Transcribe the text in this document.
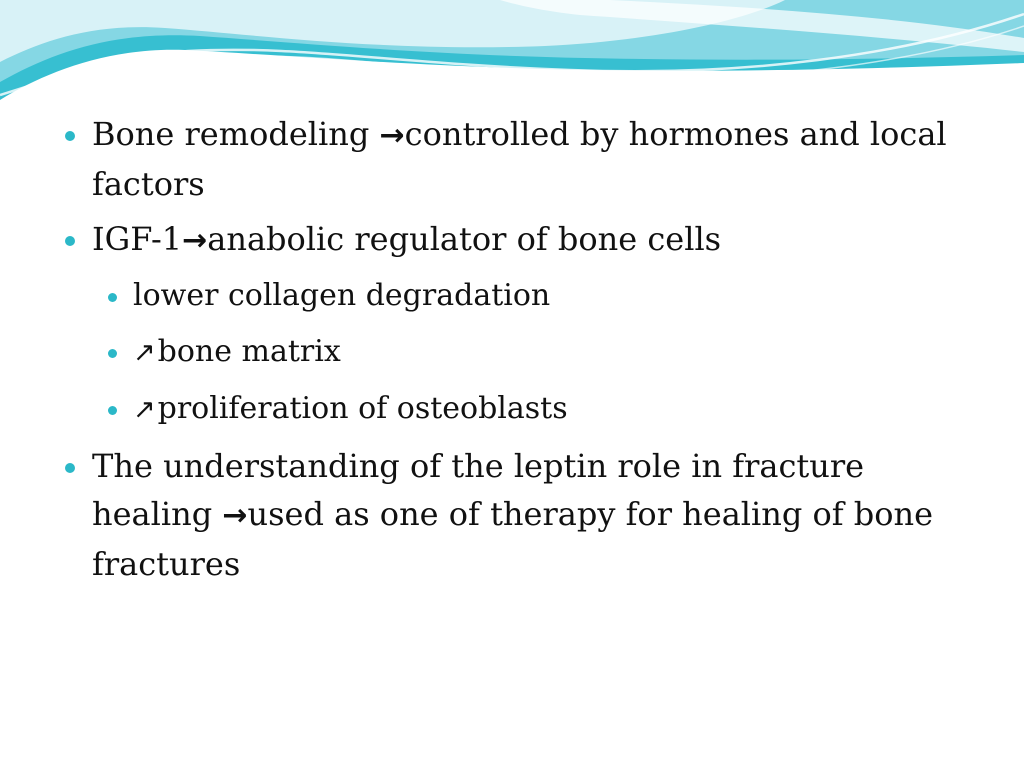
Bone remodeling →controlled by hormones and local factors
IGF-1→anabolic regulator of bone cells
lower collagen degradation
↗bone matrix
↗proliferation of osteoblasts
The understanding of the leptin role in fracture healing →used as one of therapy for healing of bone fractures
